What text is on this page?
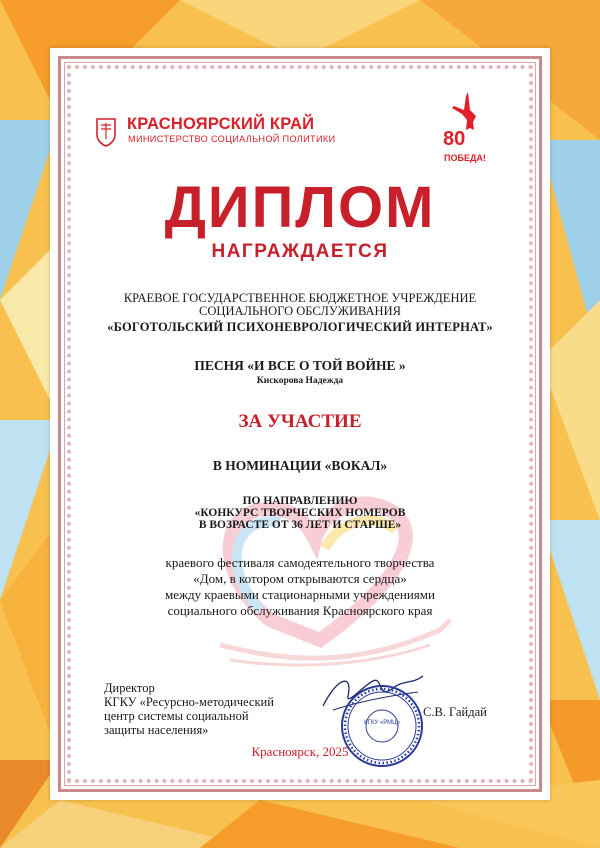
КРАСНОЯРСКИЙ КРАЙ
МИНИСТЕРСТВО СОЦИАЛЬНОЙ ПОЛИТИКИ	80
ПОБЕДА!
ДИПЛОМ
НАГРАЖДАЕТСЯ
КРАЕВОЕ ГОСУДАРСТВЕННОЕ БЮДЖЕТНОЕ УЧРЕЖДЕНИЕ
СОЦИАЛЬНОГО ОБСЛУЖИВАНИЯ
«БОГОТОЛЬСКИЙ ПСИХОНЕВРОЛОГИЧЕСКИЙ ИНТЕРНАТ»
ПЕСНЯ «И ВСЕ О ТОЙ ВОЙНЕ »
Кискорова Надежда
ЗА УЧАСТИЕ
В НОМИНАЦИИ «ВОКАЛ»
ПО НАПРАВЛЕНИЮ
«КОНКУРС ТВОРЧЕСКИХ НОМЕРОВ
В ВОЗРАСТЕ ОТ 36 ЛЕТ И СТАРШЕ»
краевого фестиваля самодеятельного творчества
«Дом, в котором открываются сердца»
между краевыми стационарными учреждениями
социального обслуживания Красноярского края
Директор
КГКУ «Ресурсно-методический
центр системы социальной
защиты населения»	КГКУ «РМЦ»
С.В. Гайдай
Красноярск, 2025
